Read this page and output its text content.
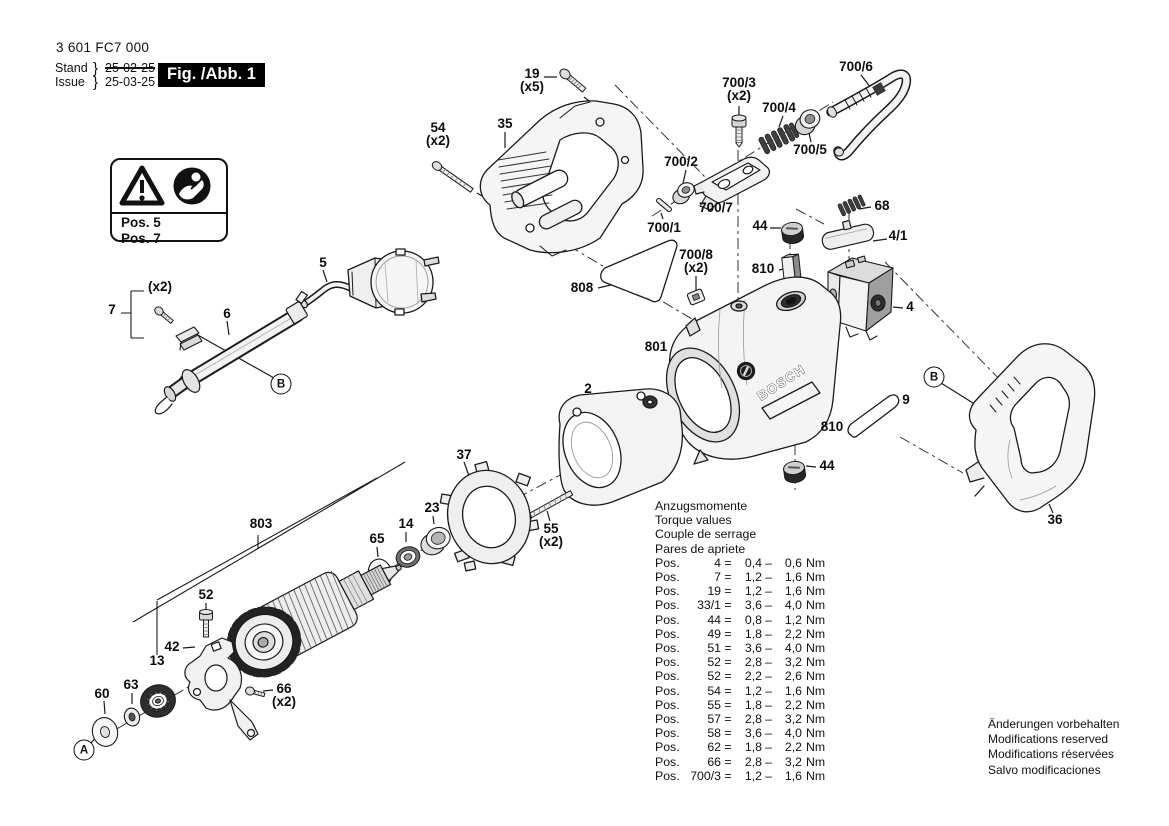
BOSCH
3 601 FC7 000
Stand } 25-02-25
Issue } 25-03-25 Fig. /Abb. 1
Pos. 5
Pos. 7
19
(x5)
54
(x2)
35
700/3
(x2)
700/4
700/6
700/5
700/2
700/7
700/1
68
44
4/1
810
700/8
(x2)
808
801
4
9
810
44
2
37
23
55
(x2)
5
6
7
(x2)
803
65
14
52
42
13
63
60	66
(x2)
36
A
B
B
Anzugsmomente
Torque values
Couple de serrage
Pares de apriete
Pos.	4 =	0,4 –	0,6 Nm
Pos.	7 =	1,2 –	1,6 Nm
Pos.	19 =	1,2 –	1,6 Nm
Pos.	33/1 =	3,6 –	4,0 Nm
Pos.	44 =	0,8 –	1,2 Nm
Pos.	49 =	1,8 –	2,2 Nm
Pos.	51 =	3,6 –	4,0 Nm
Pos.	52 =	2,8 –	3,2 Nm
Pos.	52 =	2,2 –	2,6 Nm
Pos.	54 =	1,2 –	1,6 Nm
Pos.	55 =	1,8 –	2,2 Nm
Pos.	57 =	2,8 –	3,2 Nm
Pos.	58 =	3,6 –	4,0 Nm
Pos.	62 =	1,8 –	2,2 Nm
Pos.	66 =	2,8 –	3,2 Nm
Pos. 700/3 =	1,2 –	1,6 Nm
Änderungen vorbehalten
Modifications reserved
Modifications réservées
Salvo modificaciones
